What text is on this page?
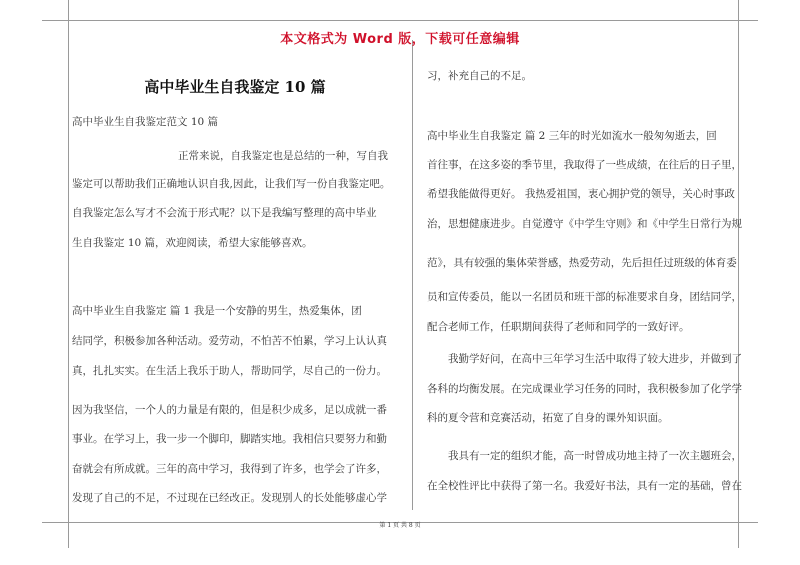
本文格式为 Word 版，下载可任意编辑
高中毕业生自我鉴定 10 篇
高中毕业生自我鉴定范文 10 篇
正常来说，自我鉴定也是总结的一种，写自我
鉴定可以帮助我们正确地认识自我,因此，让我们写一份自我鉴定吧。
自我鉴定怎么写才不会流于形式呢？以下是我编写整理的高中毕业
生自我鉴定 10 篇，欢迎阅读，希望大家能够喜欢。
高中毕业生自我鉴定 篇 1 我是一个安静的男生，热爱集体，团
结同学，积极参加各种活动。爱劳动，不怕苦不怕累，学习上认认真
真，扎扎实实。在生活上我乐于助人，帮助同学，尽自己的一份力。
因为我坚信，一个人的力量是有限的，但是积少成多，足以成就一番
事业。在学习上，我一步一个脚印，脚踏实地。我相信只要努力和勤
奋就会有所成就。三年的高中学习，我得到了许多，也学会了许多，
发现了自己的不足，不过现在已经改正。发现别人的长处能够虚心学
习，补充自己的不足。
高中毕业生自我鉴定 篇 2 三年的时光如流水一般匆匆逝去，回
首往事，在这多姿的季节里，我取得了一些成绩，在往后的日子里，
希望我能做得更好。 我热爱祖国，衷心拥护党的领导，关心时事政
治，思想健康进步。自觉遵守《中学生守则》和《中学生日常行为规
范》，具有较强的集体荣誉感，热爱劳动，先后担任过班级的体育委
员和宣传委员，能以一名团员和班干部的标准要求自身，团结同学，
配合老师工作，任职期间获得了老师和同学的一致好评。
我勤学好问，在高中三年学习生活中取得了较大进步，并做到了
各科的均衡发展。在完成课业学习任务的同时，我积极参加了化学学
科的夏令营和竞赛活动，拓宽了自身的课外知识面。
我具有一定的组织才能，高一时曾成功地主持了一次主题班会，
在全校性评比中获得了第一名。我爱好书法，具有一定的基础，曾在
第 1 页 共 8 页
